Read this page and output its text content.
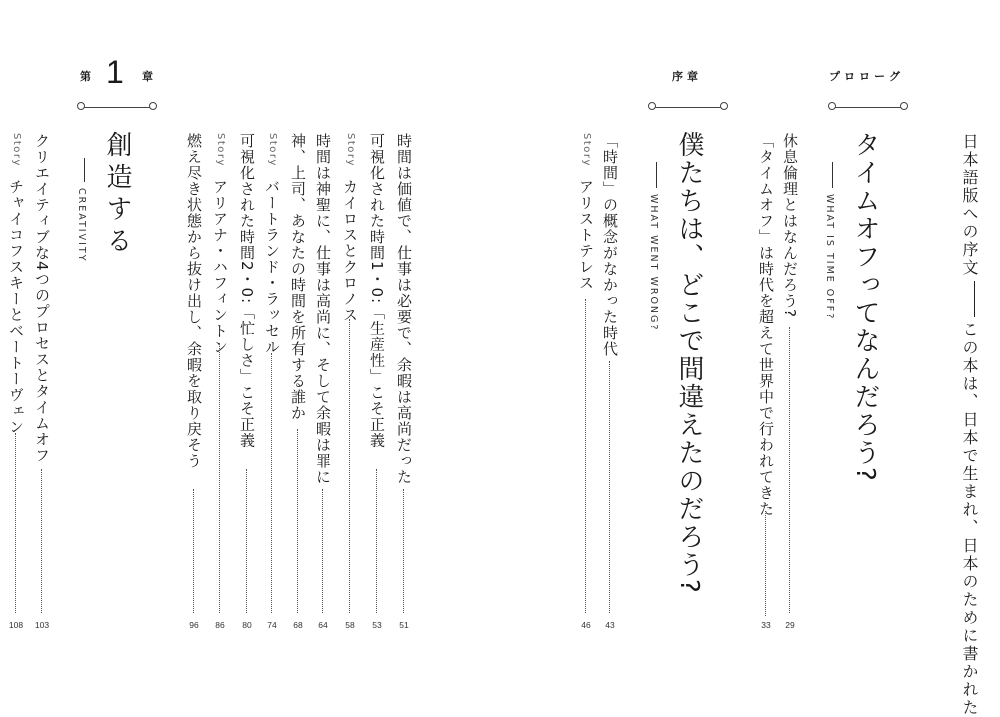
日本語版への序文この本は、日本で生まれ、日本のために書かれた
プロローグ
タイムオフってなんだろう?
WHAT IS TIME OFF?
休息倫理とはなんだろう?
29
「タイムオフ」は時代を超えて世界中で行われてきた
33
序章
僕たちは、どこで間違えたのだろう?
WHAT WENT WRONG?
「時間」の概念がなかった時代
43
Story
アリストテレス
46
第 1 章
創造する
CREATIVITY	時間は価値で、仕事は必要で、余暇は高尚だった
51
可視化された時間1・0:「生産性」こそ正義
53
Story
カイロスとクロノス
58
時間は神聖に、仕事は高尚に、そして余暇は罪に
64
神、上司、あなたの時間を所有する誰か
68
Story
バートランド・ラッセル
74
可視化された時間2・0:「忙しさ」こそ正義
80
Story
アリアナ・ハフィントン
86
燃え尽き状態から抜け出し、余暇を取り戻そう
96
クリエイティブな4つのプロセスとタイムオフ
103
Story
チャイコフスキーとベートーヴェン
108
